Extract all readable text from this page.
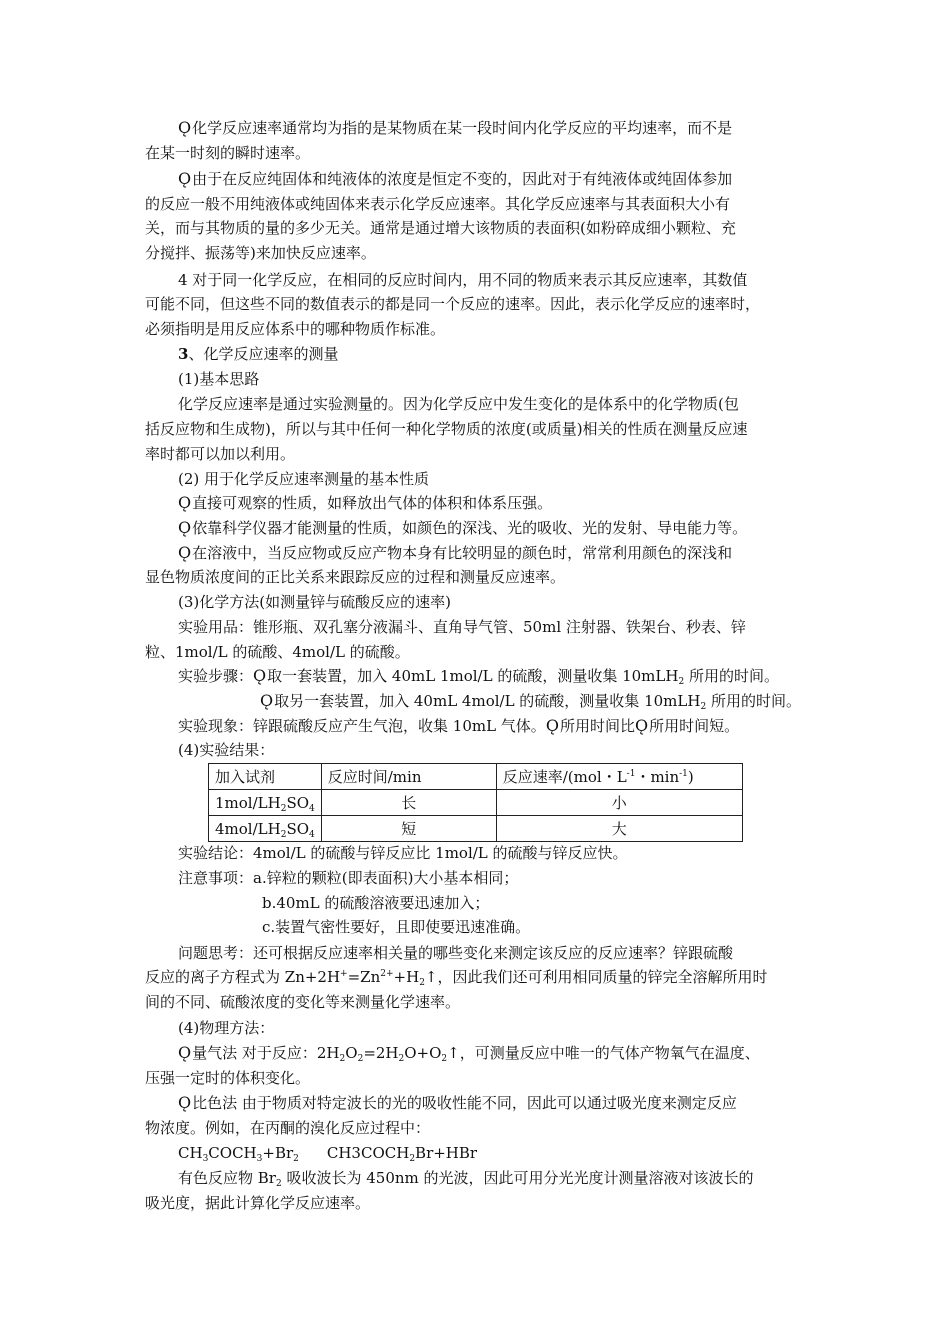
Ǫ化学反应速率通常均为指的是某物质在某一段时间内化学反应的平均速率，而不是
在某一时刻的瞬时速率。
Ǫ由于在反应纯固体和纯液体的浓度是恒定不变的，因此对于有纯液体或纯固体参加
的反应一般不用纯液体或纯固体来表示化学反应速率。其化学反应速率与其表面积大小有
关，而与其物质的量的多少无关。通常是通过增大该物质的表面积(如粉碎成细小颗粒、充
分搅拌、振荡等)来加快反应速率。
4 对于同一化学反应，在相同的反应时间内，用不同的物质来表示其反应速率，其数值
可能不同，但这些不同的数值表示的都是同一个反应的速率。因此，表示化学反应的速率时，
必须指明是用反应体系中的哪种物质作标准。
3、化学反应速率的测量
(1)基本思路
化学反应速率是通过实验测量的。因为化学反应中发生变化的是体系中的化学物质(包
括反应物和生成物)，所以与其中任何一种化学物质的浓度(或质量)相关的性质在测量反应速
率时都可以加以利用。
(2) 用于化学反应速率测量的基本性质
Ǫ直接可观察的性质，如释放出气体的体积和体系压强。
Ǫ依靠科学仪器才能测量的性质，如颜色的深浅、光的吸收、光的发射、导电能力等。
Ǫ在溶液中，当反应物或反应产物本身有比较明显的颜色时，常常利用颜色的深浅和
显色物质浓度间的正比关系来跟踪反应的过程和测量反应速率。
(3)化学方法(如测量锌与硫酸反应的速率)
实验用品：锥形瓶、双孔塞分液漏斗、直角导气管、50ml 注射器、铁架台、秒表、锌
粒、1mol/L 的硫酸、4mol/L 的硫酸。
实验步骤：Ǫ取一套装置，加入 40mL 1mol/L 的硫酸，测量收集 10mLH$_2$ 所用的时间。
Ǫ取另一套装置，加入 40mL 4mol/L 的硫酸，测量收集 10mLH$_2$ 所用的时间。
实验现象：锌跟硫酸反应产生气泡，收集 10mL 气体。Ǫ所用时间比Ǫ所用时间短。
(4)实验结果：
加入试剂	反应时间/min	反应速率/(mol・$L^{-1}$・$\min^{-1}$)
$1mol/LH_2SO_4$	长	小
$4mol/LH_2SO_4$	短	大
实验结论：4mol/L 的硫酸与锌反应比 1mol/L 的硫酸与锌反应快。
注意事项：a.锌粒的颗粒(即表面积)大小基本相同；
b.40mL 的硫酸溶液要迅速加入；
c.装置气密性要好，且即使要迅速准确。
问题思考：还可根据反应速率相关量的哪些变化来测定该反应的反应速率？锌跟硫酸
反应的离子方程式为 $Zn+2H^+=Zn^{2+}+H_2↑$，因此我们还可利用相同质量的锌完全溶解所用时
间的不同、硫酸浓度的变化等来测量化学速率。
(4)物理方法：
Ǫ量气法 对于反应：$2H_2O_2=2H_2O+O_2↑$，可测量反应中唯一的气体产物氧气在温度、
压强一定时的体积变化。
Ǫ比色法 由于物质对特定波长的光的吸收性能不同，因此可以通过吸光度来测定反应
物浓度。例如，在丙酮的溴化反应过程中：
$CH_3COCH_3+Br_2$ $CH3COCH_2Br+HBr$
有色反应物 $Br_2$ 吸收波长为 450nm 的光波，因此可用分光光度计测量溶液对该波长的
吸光度，据此计算化学反应速率。
